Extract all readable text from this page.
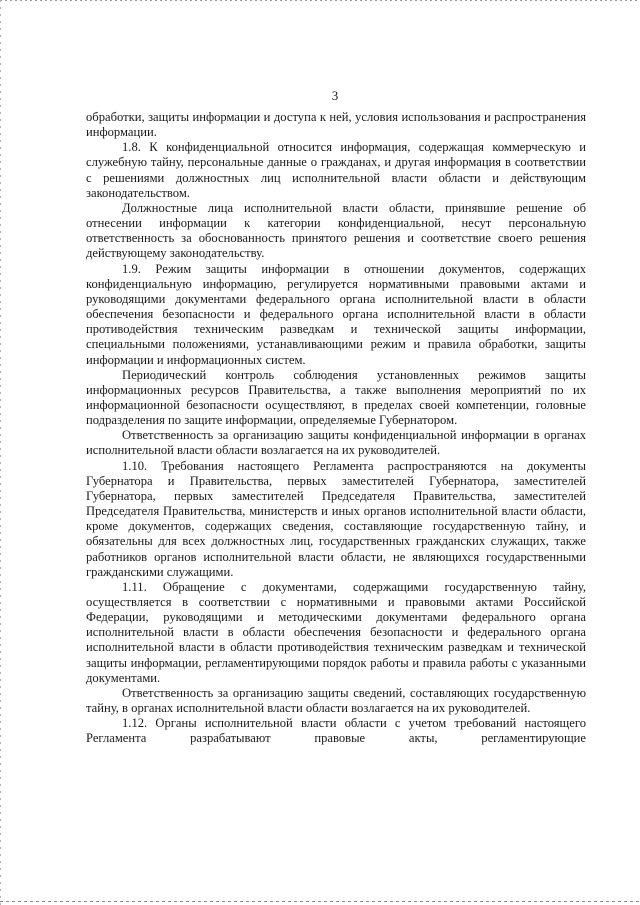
3

обработки, защиты информации и доступа к ней, условия использования и распространения информации.

1.8. К конфиденциальной относится информация, содержащая коммерческую и служебную тайну, персональные данные о гражданах, и другая информация в соответствии с решениями должностных лиц исполнительной власти области и действующим законодательством.

Должностные лица исполнительной власти области, принявшие решение об отнесении информации к категории конфиденциальной, несут персональную ответственность за обоснованность принятого решения и соответствие своего решения действующему законодательству.

1.9. Режим защиты информации в отношении документов, содержащих конфиденциальную информацию, регулируется нормативными правовыми актами и руководящими документами федерального органа исполнительной власти в области обеспечения безопасности и федерального органа исполнительной власти в области противодействия техническим разведкам и технической защиты информации, специальными положениями, устанавливающими режим и правила обработки, защиты информации и информационных систем.

Периодический контроль соблюдения установленных режимов защиты информационных ресурсов Правительства, а также выполнения мероприятий по их информационной безопасности осуществляют, в пределах своей компетенции, головные подразделения по защите информации, определяемые Губернатором.

Ответственность за организацию защиты конфиденциальной информации в органах исполнительной власти области возлагается на их руководителей.

1.10. Требования настоящего Регламента распространяются на документы Губернатора и Правительства, первых заместителей Губернатора, заместителей Губернатора, первых заместителей Председателя Правительства, заместителей Председателя Правительства, министерств и иных органов исполнительной власти области, кроме документов, содержащих сведения, составляющие государственную тайну, и обязательны для всех должностных лиц, государственных гражданских служащих, также работников органов исполнительной власти области, не являющихся государственными гражданскими служащими.

1.11. Обращение с документами, содержащими государственную тайну, осуществляется в соответствии с нормативными и правовыми актами Российской Федерации, руководящими и методическими документами федерального органа исполнительной власти в области обеспечения безопасности и федерального органа исполнительной власти в области противодействия техническим разведкам и технической защиты информации, регламентирующими порядок работы и правила работы с указанными документами.

Ответственность за организацию защиты сведений, составляющих государственную тайну, в органах исполнительной власти области возлагается на их руководителей.

1.12. Органы исполнительной власти области с учетом требований настоящего Регламента разрабатывают правовые акты, регламентирующие
